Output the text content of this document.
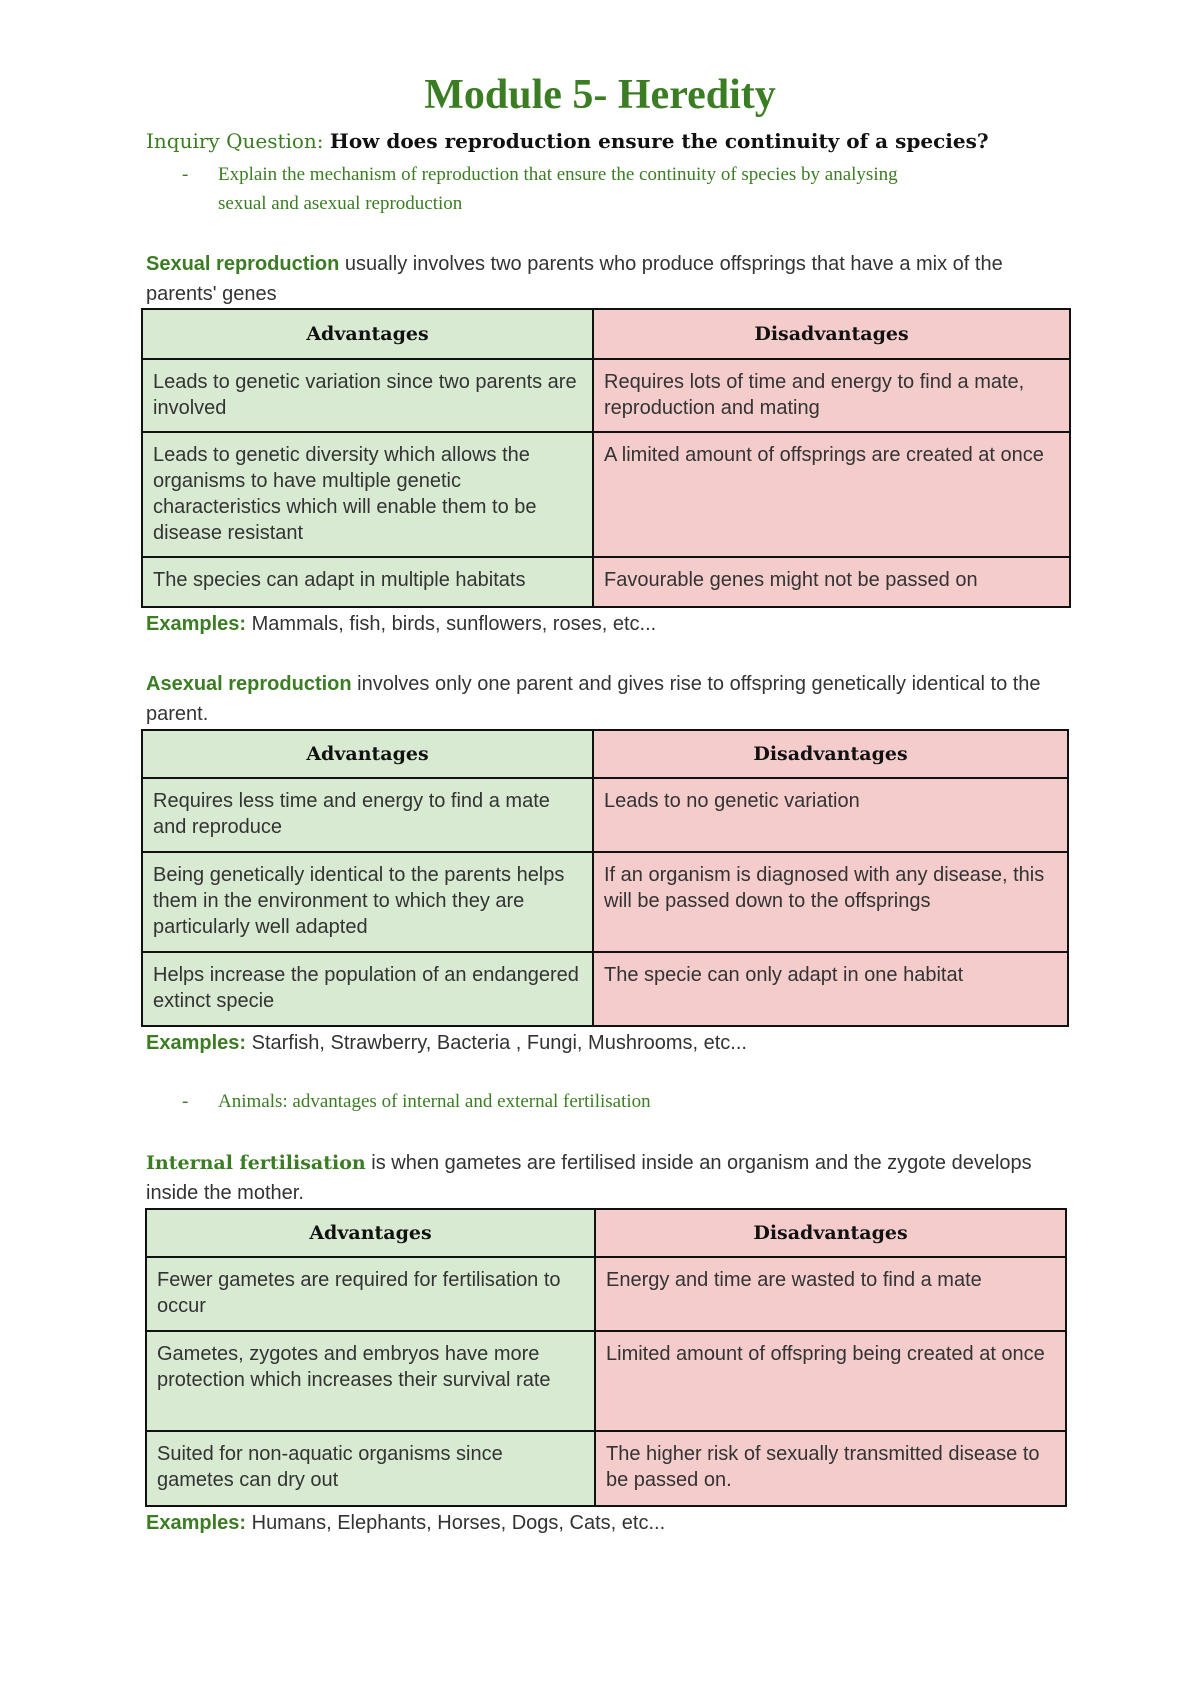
Module 5- Heredity
Inquiry Question: How does reproduction ensure the continuity of a species?
- Explain the mechanism of reproduction that ensure the continuity of species by analysing
sexual and asexual reproduction

Sexual reproduction usually involves two parents who produce offsprings that have a mix of the parents' genes

Advantages	Disadvantages
Leads to genetic variation since two parents are involved	Requires lots of time and energy to find a mate, reproduction and mating
Leads to genetic diversity which allows the organisms to have multiple genetic characteristics which will enable them to be disease resistant	A limited amount of offsprings are created at once
The species can adapt in multiple habitats	Favourable genes might not be passed on
Examples: Mammals, fish, birds, sunflowers, roses, etc...

Asexual reproduction involves only one parent and gives rise to offspring genetically identical to the parent.

Advantages	Disadvantages
Requires less time and energy to find a mate and reproduce	Leads to no genetic variation
Being genetically identical to the parents helps them in the environment to which they are particularly well adapted	If an organism is diagnosed with any disease, this will be passed down to the offsprings
Helps increase the population of an endangered extinct specie	The specie can only adapt in one habitat
Examples: Starfish, Strawberry, Bacteria , Fungi, Mushrooms, etc...
- Animals: advantages of internal and external fertilisation

Internal fertilisation is when gametes are fertilised inside an organism and the zygote develops inside the mother.

Advantages	Disadvantages
Fewer gametes are required for fertilisation to occur	Energy and time are wasted to find a mate
Gametes, zygotes and embryos have more protection which increases their survival rate	Limited amount of offspring being created at once
Suited for non-aquatic organisms since gametes can dry out	The higher risk of sexually transmitted disease to be passed on.
Examples: Humans, Elephants, Horses, Dogs, Cats, etc...
